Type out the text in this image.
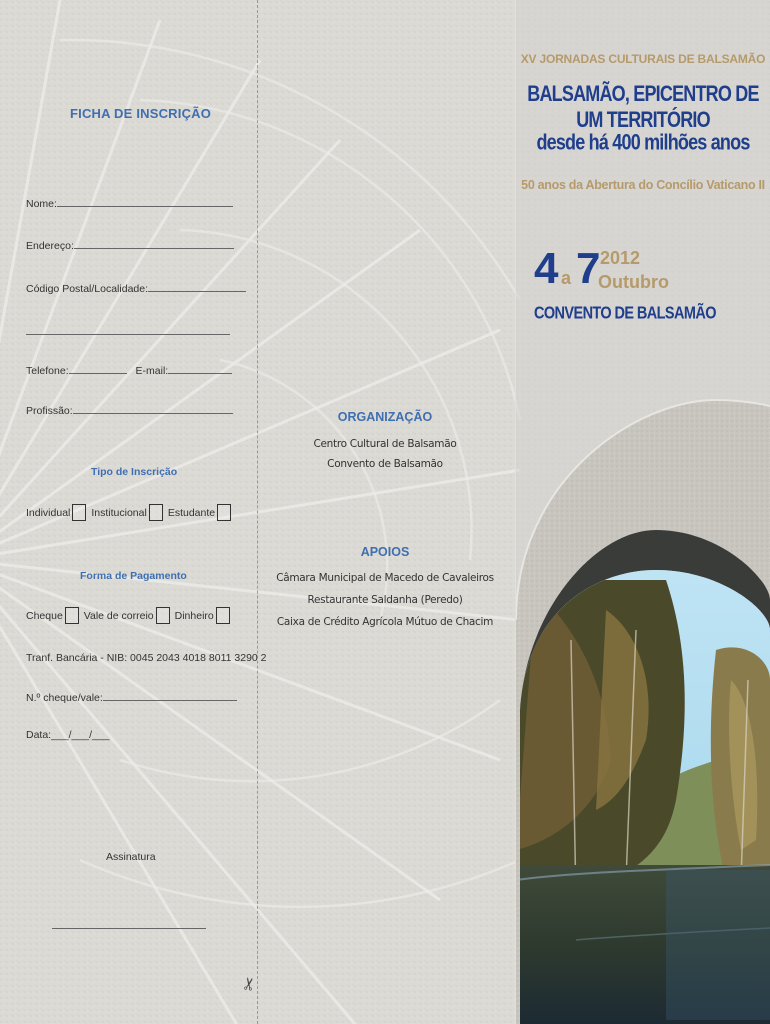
FICHA DE INSCRIÇÃO
Nome:
Endereço:
Código Postal/Localidade:
Telefone:	E-mail:
Profissão:
Tipo de Inscrição
Individual Institucional Estudante
Forma de Pagamento
Cheque Vale de correio Dinheiro
Tranf. Bancária - NIB: 0045 2043 4018 8011 3290 2
N.º cheque/vale:
Data:___/___/___
Assinatura
✂
ORGANIZAÇÃO
Centro Cultural de Balsamão
Convento de Balsamão
APOIOS
Câmara Municipal de Macedo de Cavaleiros
Restaurante Saldanha (Peredo)
Caixa de Crédito Agrícola Mútuo de Chacim
XV JORNADAS CULTURAIS DE BALSAMÃO
BALSAMÃO, EPICENTRO DE UM TERRITÓRIO
desde há 400 milhões anos
50 anos da Abertura do Concílio Vaticano II
4 a 7 2012
Outubro
CONVENTO DE BALSAMÃO
